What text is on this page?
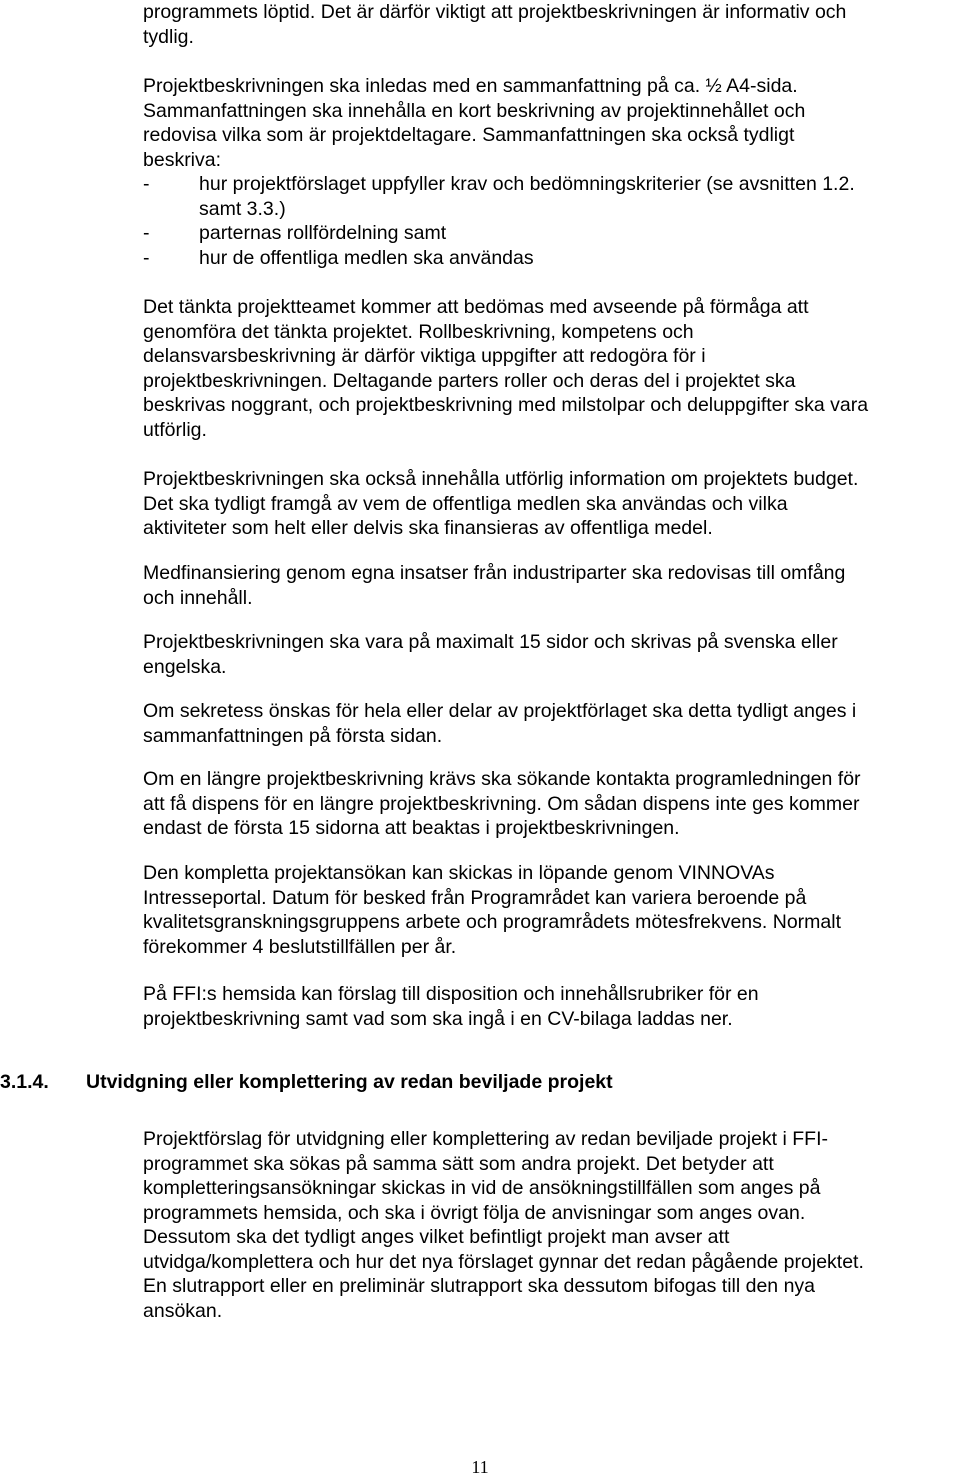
programmets löptid. Det är därför viktigt att projektbeskrivningen är informativ och
tydlig.
Projektbeskrivningen ska inledas med en sammanfattning på ca. ½ A4-sida.
Sammanfattningen ska innehålla en kort beskrivning av projektinnehållet och
redovisa vilka som är projektdeltagare. Sammanfattningen ska också tydligt
beskriva:
-	hur projektförslaget uppfyller krav och bedömningskriterier (se avsnitten 1.2.
samt 3.3.)
-	parternas rollfördelning samt
-	hur de offentliga medlen ska användas
Det tänkta projektteamet kommer att bedömas med avseende på förmåga att
genomföra det tänkta projektet. Rollbeskrivning, kompetens och
delansvarsbeskrivning är därför viktiga uppgifter att redogöra för i
projektbeskrivningen. Deltagande parters roller och deras del i projektet ska
beskrivas noggrant, och projektbeskrivning med milstolpar och deluppgifter ska vara
utförlig.
Projektbeskrivningen ska också innehålla utförlig information om projektets budget.
Det ska tydligt framgå av vem de offentliga medlen ska användas och vilka
aktiviteter som helt eller delvis ska finansieras av offentliga medel.
Medfinansiering genom egna insatser från industriparter ska redovisas till omfång
och innehåll.
Projektbeskrivningen ska vara på maximalt 15 sidor och skrivas på svenska eller
engelska.
Om sekretess önskas för hela eller delar av projektförlaget ska detta tydligt anges i
sammanfattningen på första sidan.
Om en längre projektbeskrivning krävs ska sökande kontakta programledningen för
att få dispens för en längre projektbeskrivning. Om sådan dispens inte ges kommer
endast de första 15 sidorna att beaktas i projektbeskrivningen.
Den kompletta projektansökan kan skickas in löpande genom VINNOVAs
Intresseportal. Datum för besked från Programrådet kan variera beroende på
kvalitetsgranskningsgruppens arbete och programrådets mötesfrekvens. Normalt
förekommer 4 beslutstillfällen per år.
På FFI:s hemsida kan förslag till disposition och innehållsrubriker för en
projektbeskrivning samt vad som ska ingå i en CV-bilaga laddas ner.
3.1.4. Utvidgning eller komplettering av redan beviljade projekt
Projektförslag för utvidgning eller komplettering av redan beviljade projekt i FFI-
programmet ska sökas på samma sätt som andra projekt. Det betyder att
kompletteringsansökningar skickas in vid de ansökningstillfällen som anges på
programmets hemsida, och ska i övrigt följa de anvisningar som anges ovan.
Dessutom ska det tydligt anges vilket befintligt projekt man avser att
utvidga/komplettera och hur det nya förslaget gynnar det redan pågående projektet.
En slutrapport eller en preliminär slutrapport ska dessutom bifogas till den nya
ansökan.
11
